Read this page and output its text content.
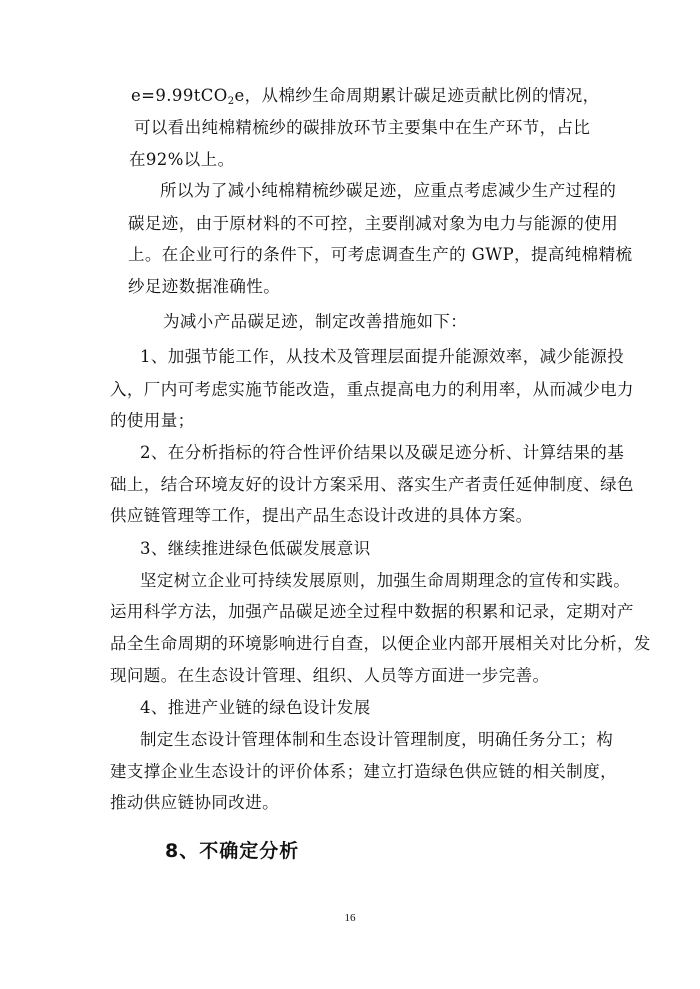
e=9.99tCO$_2$e，从棉纱生命周期累计碳足迹贡献比例的情况，
可以看出纯棉精梳纱的碳排放环节主要集中在生产环节，占比
在92%以上。
所以为了减小纯棉精梳纱碳足迹，应重点考虑减少生产过程的
碳足迹，由于原材料的不可控，主要削减对象为电力与能源的使用
上。在企业可行的条件下，可考虑调查生产的 GWP，提高纯棉精梳
纱足迹数据准确性。
为减小产品碳足迹，制定改善措施如下：
1、加强节能工作，从技术及管理层面提升能源效率，减少能源投
入，厂内可考虑实施节能改造，重点提高电力的利用率，从而减少电力
的使用量；
2、在分析指标的符合性评价结果以及碳足迹分析、计算结果的基
础上，结合环境友好的设计方案采用、落实生产者责任延伸制度、绿色
供应链管理等工作，提出产品生态设计改进的具体方案。
3、继续推进绿色低碳发展意识
坚定树立企业可持续发展原则，加强生命周期理念的宣传和实践。
运用科学方法，加强产品碳足迹全过程中数据的积累和记录，定期对产
品全生命周期的环境影响进行自查，以便企业内部开展相关对比分析，发
现问题。在生态设计管理、组织、人员等方面进一步完善。
4、推进产业链的绿色设计发展
制定生态设计管理体制和生态设计管理制度，明确任务分工；构
建支撑企业生态设计的评价体系；建立打造绿色供应链的相关制度，
推动供应链协同改进。
8、不确定分析
16
